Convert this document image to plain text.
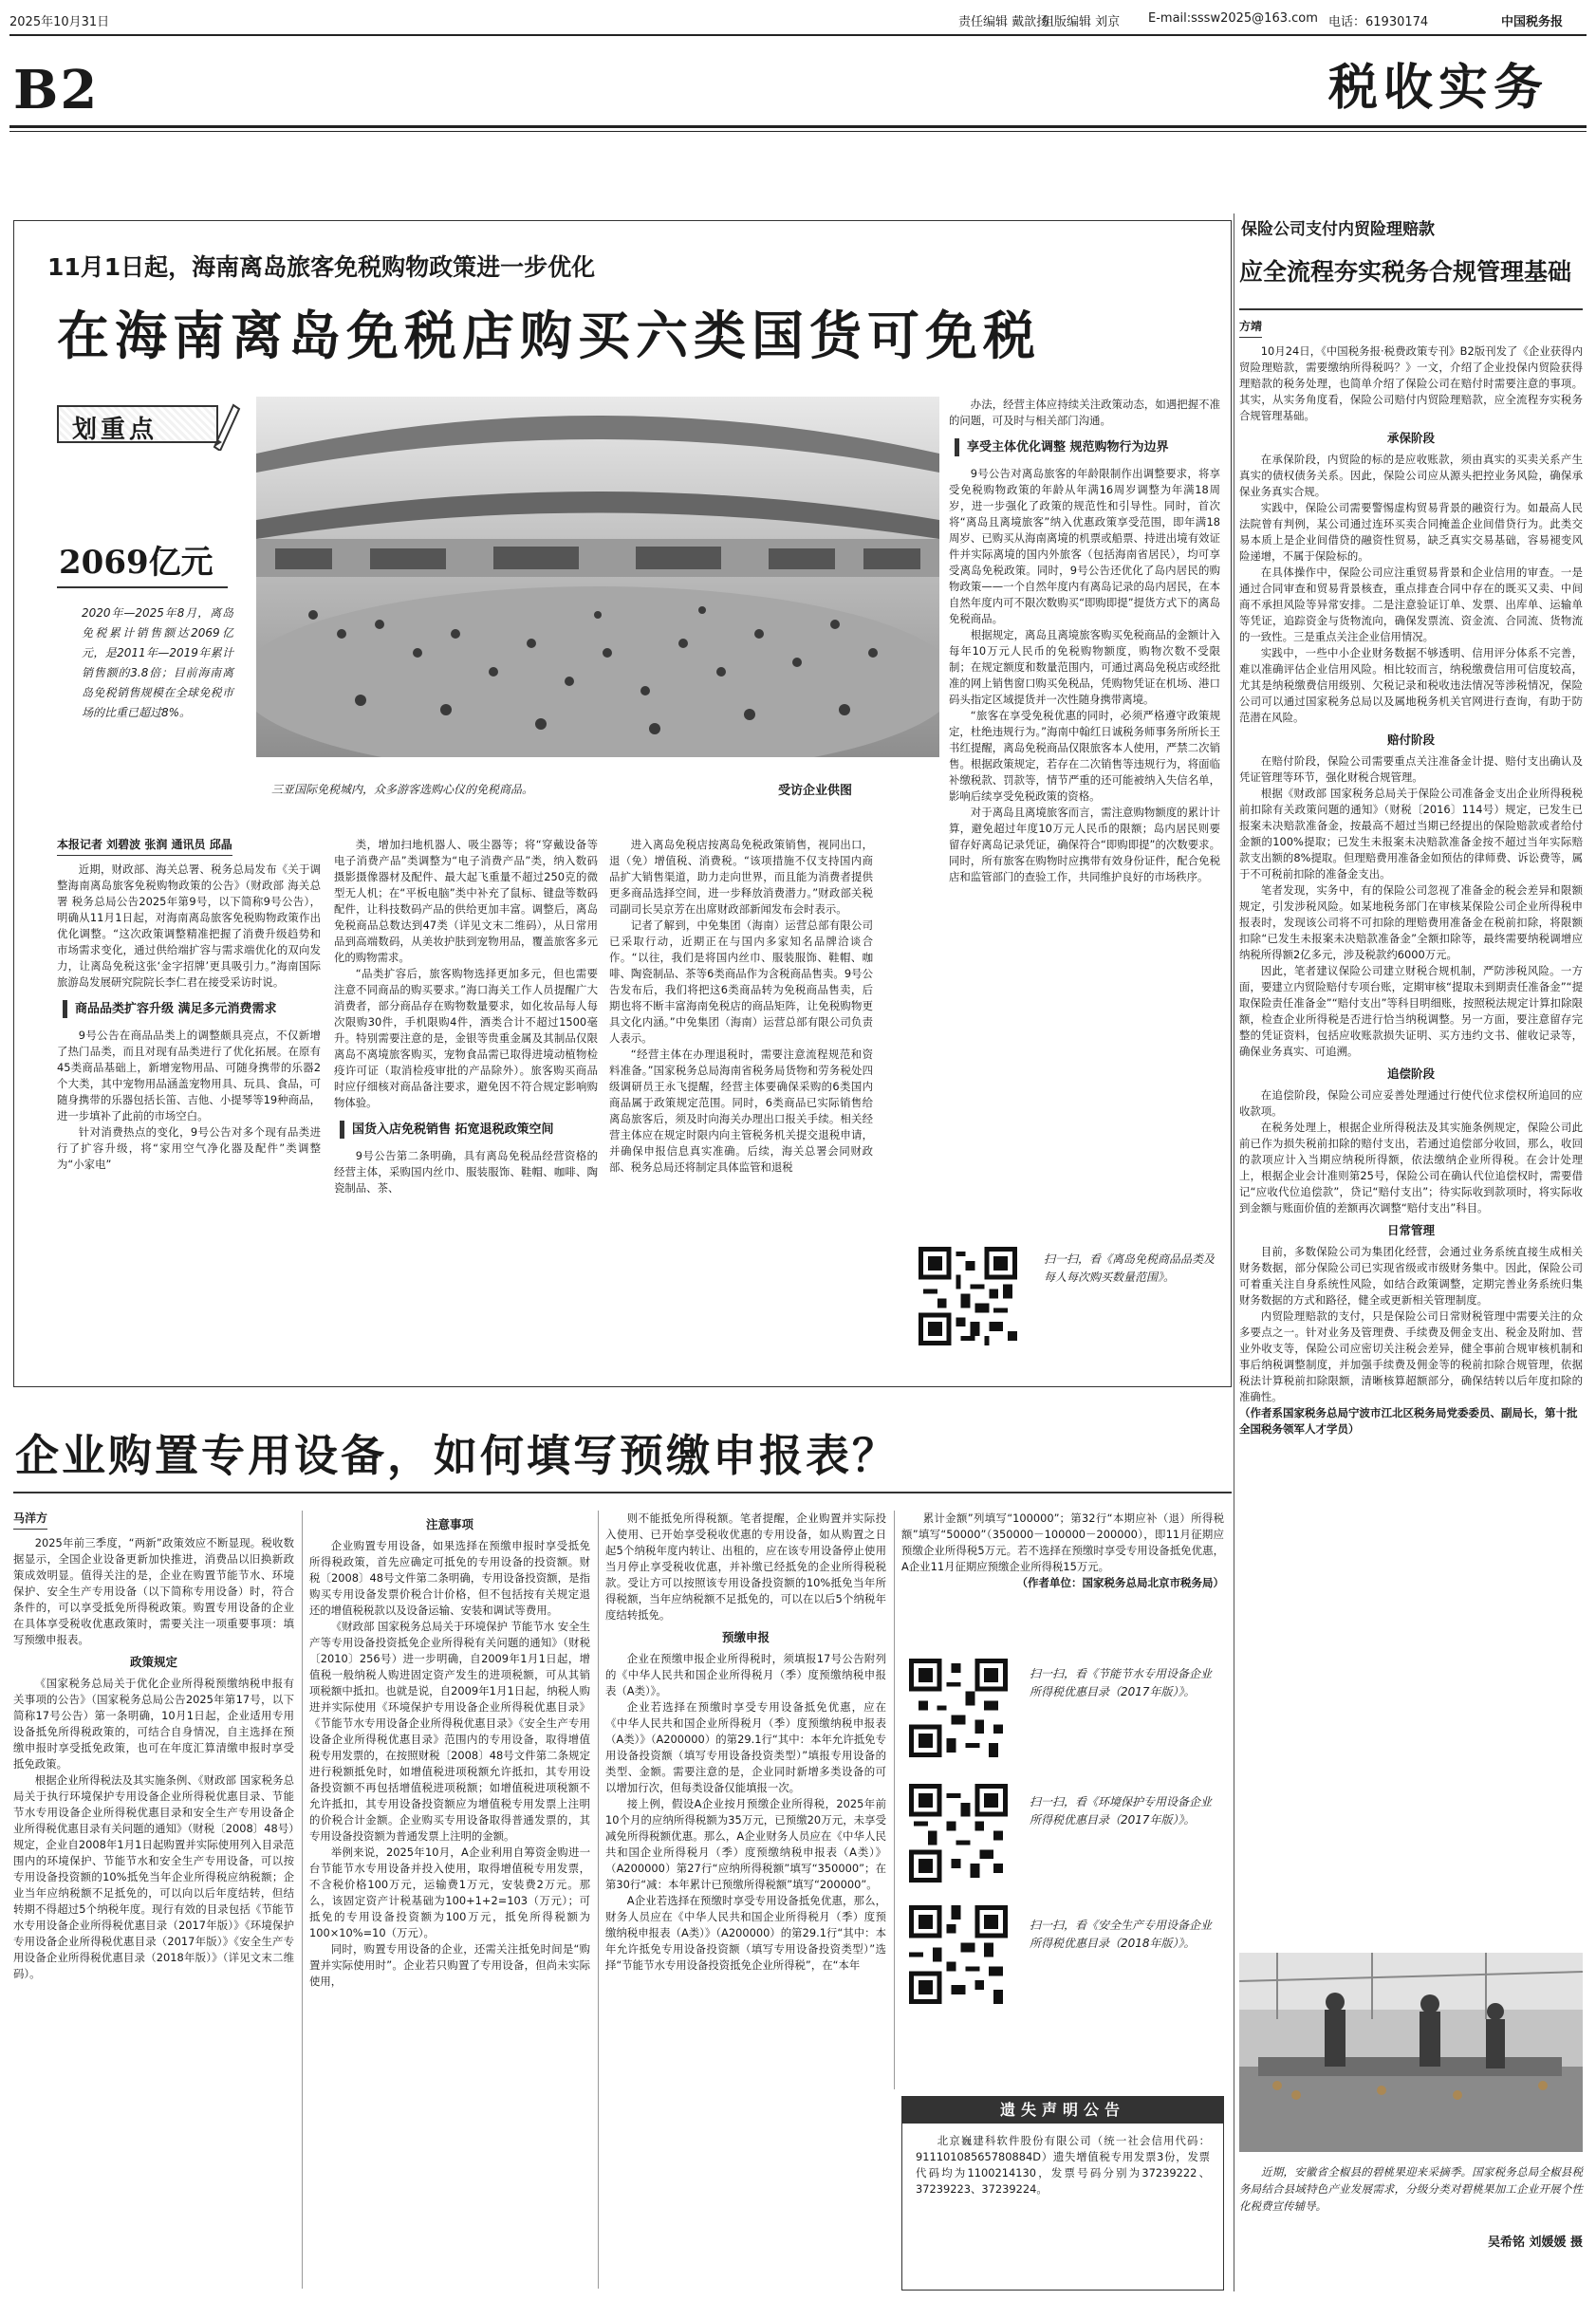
2025年10月31日	责任编辑 戴歆扬
组版编辑 刘京 E-mail:sssw2025@163.com 电话：61930174	中国税务报
B2	税收实务
11月1日起，海南离岛旅客免税购物政策进一步优化
在海南离岛免税店购买六类国货可免税
划重点
2069亿元
2020年—2025年8月，离岛免税累计销售额达2069亿元，是2011年—2019年累计销售额的3.8倍；目前海南离岛免税销售规模在全球免税市场的比重已超过8%。
三亚国际免税城内，众多游客选购心仪的免税商品。	受访企业供图
本报记者 刘碧波 张润 通讯员 邱晶

近期，财政部、海关总署、税务总局发布《关于调整海南离岛旅客免税购物政策的公告》（财政部 海关总署 税务总局公告2025年第9号，以下简称9号公告），明确从11月1日起，对海南离岛旅客免税购物政策作出优化调整。“这次政策调整精准把握了消费升级趋势和市场需求变化，通过供给端扩容与需求端优化的双向发力，让离岛免税这张‘金字招牌’更具吸引力。”海南国际旅游岛发展研究院院长李仁君在接受采访时说。

商品品类扩容升级 满足多元消费需求

9号公告在商品品类上的调整颇具亮点，不仅新增了热门品类，而且对现有品类进行了优化拓展。在原有45类商品基础上，新增宠物用品、可随身携带的乐器2个大类，其中宠物用品涵盖宠物用具、玩具、食品，可随身携带的乐器包括长笛、吉他、小提琴等19种商品，进一步填补了此前的市场空白。

针对消费热点的变化，9号公告对多个现有品类进行了扩容升级，将“家用空气净化器及配件”类调整为“小家电”

类，增加扫地机器人、吸尘器等；将“穿戴设备等电子消费产品”类调整为“电子消费产品”类，纳入数码摄影摄像器材及配件、最大起飞重量不超过250克的微型无人机；在“平板电脑”类中补充了鼠标、键盘等数码配件，让科技数码产品的供给更加丰富。调整后，离岛免税商品总数达到47类（详见文末二维码），从日常用品到高端数码，从美妆护肤到宠物用品，覆盖旅客多元化的购物需求。

“品类扩容后，旅客购物选择更加多元，但也需要注意不同商品的购买要求。”海口海关工作人员提醒广大消费者，部分商品存在购物数量要求，如化妆品每人每次限购30件，手机限购4件，酒类合计不超过1500毫升。特别需要注意的是，金银等贵重金属及其制品仅限离岛不离境旅客购买，宠物食品需已取得进境动植物检疫许可证（取消检疫审批的产品除外）。旅客购买商品时应仔细核对商品备注要求，避免因不符合规定影响购物体验。

国货入店免税销售 拓宽退税政策空间

9号公告第二条明确，具有离岛免税品经营资格的经营主体，采购国内丝巾、服装服饰、鞋帽、咖啡、陶瓷制品、茶、

进入离岛免税店按离岛免税政策销售，视同出口，退（免）增值税、消费税。“该项措施不仅支持国内商品扩大销售渠道，助力走向世界，而且能为消费者提供更多商品选择空间，进一步释放消费潜力。”财政部关税司副司长吴京芳在出席财政部新闻发布会时表示。

记者了解到，中免集团（海南）运营总部有限公司已采取行动，近期正在与国内多家知名品牌洽谈合作。“以往，我们是将国内丝巾、服装服饰、鞋帽、咖啡、陶瓷制品、茶等6类商品作为含税商品售卖。9号公告发布后，我们将把这6类商品转为免税商品售卖，后期也将不断丰富海南免税店的商品矩阵，让免税购物更具文化内涵。”中免集团（海南）运营总部有限公司负责人表示。

“经营主体在办理退税时，需要注意流程规范和资料准备。”国家税务总局海南省税务局货物和劳务税处四级调研员王永飞提醒，经营主体要确保采购的6类国内商品属于政策规定范围。同时，6类商品已实际销售给离岛旅客后，须及时向海关办理出口报关手续。相关经营主体应在规定时限内向主管税务机关提交退税申请，并确保申报信息真实准确。后续，海关总署会同财政部、税务总局还将制定具体监管和退税

办法，经营主体应持续关注政策动态，如遇把握不准的问题，可及时与相关部门沟通。

享受主体优化调整 规范购物行为边界

9号公告对离岛旅客的年龄限制作出调整要求，将享受免税购物政策的年龄从年满16周岁调整为年满18周岁，进一步强化了政策的规范性和引导性。同时，首次将“离岛且离境旅客”纳入优惠政策享受范围，即年满18周岁、已购买从海南离境的机票或船票、持进出境有效证件并实际离境的国内外旅客（包括海南省居民），均可享受离岛免税政策。同时，9号公告还优化了岛内居民的购物政策——一个自然年度内有离岛记录的岛内居民，在本自然年度内可不限次数购买“即购即提”提货方式下的离岛免税商品。

根据规定，离岛且离境旅客购买免税商品的金额计入每年10万元人民币的免税购物额度，购物次数不受限制；在规定额度和数量范围内，可通过离岛免税店或经批准的网上销售窗口购买免税品，凭购物凭证在机场、港口码头指定区域提货并一次性随身携带离境。

“旅客在享受免税优惠的同时，必须严格遵守政策规定，杜绝违规行为。”海南中翰红日诚税务师事务所所长王书红提醒，离岛免税商品仅限旅客本人使用，严禁二次销售。根据政策规定，若存在二次销售等违规行为，将面临补缴税款、罚款等，情节严重的还可能被纳入失信名单，影响后续享受免税政策的资格。

对于离岛且离境旅客而言，需注意购物额度的累计计算，避免超过年度10万元人民币的限额；岛内居民则要留存好离岛记录凭证，确保符合“即购即提”的次数要求。同时，所有旅客在购物时应携带有效身份证件，配合免税店和监管部门的查验工作，共同维护良好的市场秩序。

扫一扫，看《离岛免税商品品类及每人每次购买数量范围》。
企业购置专用设备，如何填写预缴申报表？
马洋方

2025年前三季度，“两新”政策效应不断显现。税收数据显示，全国企业设备更新加快推进，消费品以旧换新政策成效明显。值得关注的是，企业在购置节能节水、环境保护、安全生产专用设备（以下简称专用设备）时，符合条件的，可以享受抵免所得税政策。购置专用设备的企业在具体享受税收优惠政策时，需要关注一项重要事项：填写预缴申报表。

政策规定

《国家税务总局关于优化企业所得税预缴纳税申报有关事项的公告》（国家税务总局公告2025年第17号，以下简称17号公告）第一条明确，10月1日起，企业适用专用设备抵免所得税政策的，可结合自身情况，自主选择在预缴申报时享受抵免政策，也可在年度汇算清缴申报时享受抵免政策。

根据企业所得税法及其实施条例、《财政部 国家税务总局关于执行环境保护专用设备企业所得税优惠目录、节能节水专用设备企业所得税优惠目录和安全生产专用设备企业所得税优惠目录有关问题的通知》（财税〔2008〕48号）规定，企业自2008年1月1日起购置并实际使用列入目录范围内的环境保护、节能节水和安全生产专用设备，可以按专用设备投资额的10%抵免当年企业所得税应纳税额；企业当年应纳税额不足抵免的，可以向以后年度结转，但结转期不得超过5个纳税年度。现行有效的目录包括《节能节水专用设备企业所得税优惠目录（2017年版）》《环境保护专用设备企业所得税优惠目录（2017年版）》《安全生产专用设备企业所得税优惠目录（2018年版）》（详见文末二维码）。

注意事项

企业购置专用设备，如果选择在预缴申报时享受抵免所得税政策，首先应确定可抵免的专用设备的投资额。财税〔2008〕48号文件第二条明确，专用设备投资额，是指购买专用设备发票价税合计价格，但不包括按有关规定退还的增值税税款以及设备运输、安装和调试等费用。

《财政部 国家税务总局关于环境保护 节能节水 安全生产等专用设备投资抵免企业所得税有关问题的通知》（财税〔2010〕256号）进一步明确，自2009年1月1日起，增值税一般纳税人购进固定资产发生的进项税额，可从其销项税额中抵扣。也就是说，自2009年1月1日起，纳税人购进并实际使用《环境保护专用设备企业所得税优惠目录》《节能节水专用设备企业所得税优惠目录》《安全生产专用设备企业所得税优惠目录》范围内的专用设备，取得增值税专用发票的，在按照财税〔2008〕48号文件第二条规定进行税额抵免时，如增值税进项税额允许抵扣，其专用设备投资额不再包括增值税进项税额；如增值税进项税额不允许抵扣，其专用设备投资额应为增值税专用发票上注明的价税合计金额。企业购买专用设备取得普通发票的，其专用设备投资额为普通发票上注明的金额。

举例来说，2025年10月，A企业利用自筹资金购进一台节能节水专用设备并投入使用，取得增值税专用发票，不含税价格100万元，运输费1万元，安装费2万元。那么，该固定资产计税基础为100+1+2=103（万元）；可抵免的专用设备投资额为100万元，抵免所得税额为100×10%=10（万元）。

同时，购置专用设备的企业，还需关注抵免时间是“购置并实际使用时”。企业若只购置了专用设备，但尚未实际使用，

则不能抵免所得税额。笔者提醒，企业购置并实际投入使用、已开始享受税收优惠的专用设备，如从购置之日起5个纳税年度内转让、出租的，应在该专用设备停止使用当月停止享受税收优惠，并补缴已经抵免的企业所得税税款。受让方可以按照该专用设备投资额的10%抵免当年所得税额，当年应纳税额不足抵免的，可以在以后5个纳税年度结转抵免。

预缴申报

企业在预缴申报企业所得税时，须填报17号公告附列的《中华人民共和国企业所得税月（季）度预缴纳税申报表（A类）》。

企业若选择在预缴时享受专用设备抵免优惠，应在《中华人民共和国企业所得税月（季）度预缴纳税申报表（A类）》（A200000）的第29.1行“其中：本年允许抵免专用设备投资额（填写专用设备投资类型）”填报专用设备的类型、金额。需要注意的是，企业同时新增多类设备的可以增加行次，但每类设备仅能填报一次。

接上例，假设A企业按月预缴企业所得税，2025年前10个月的应纳所得税额为35万元，已预缴20万元，未享受减免所得税额优惠。那么，A企业财务人员应在《中华人民共和国企业所得税月（季）度预缴纳税申报表（A类）》（A200000）第27行“应纳所得税额”填写“350000”；在第30行“减：本年累计已预缴所得税额”填写“200000”。

A企业若选择在预缴时享受专用设备抵免优惠，那么，财务人员应在《中华人民共和国企业所得税月（季）度预缴纳税申报表（A类）》（A200000）的第29.1行“其中：本年允许抵免专用设备投资额（填写专用设备投资类型）”选择“节能节水专用设备投资抵免企业所得税”，在“本年

累计金额”列填写“100000”；第32行“本期应补（退）所得税额”填写“50000”（350000－100000－200000），即11月征期应预缴企业所得税5万元。若不选择在预缴时享受专用设备抵免优惠，A企业11月征期应预缴企业所得税15万元。

（作者单位：国家税务总局北京市税务局）
扫一扫，看《节能节水专用设备企业所得税优惠目录（2017年版）》。
扫一扫，看《环境保护专用设备企业所得税优惠目录（2017年版）》。
扫一扫，看《安全生产专用设备企业所得税优惠目录（2018年版）》。
遗失声明公告
北京巍建科软件股份有限公司（统一社会信用代码：91110108565780884D）遗失增值税专用发票3份，发票代码均为1100214130，发票号码分别为37239222、37239223、37239224。
保险公司支付内贸险理赔款
应全流程夯实税务合规管理基础
方靖

10月24日，《中国税务报·税费政策专刊》B2版刊发了《企业获得内贸险理赔款，需要缴纳所得税吗？》一文，介绍了企业投保内贸险获得理赔款的税务处理，也简单介绍了保险公司在赔付时需要注意的事项。其实，从实务角度看，保险公司赔付内贸险理赔款，应全流程夯实税务合规管理基础。

承保阶段

在承保阶段，内贸险的标的是应收账款，须由真实的买卖关系产生真实的债权债务关系。因此，保险公司应从源头把控业务风险，确保承保业务真实合规。

实践中，保险公司需要警惕虚构贸易背景的融资行为。如最高人民法院曾有判例，某公司通过连环买卖合同掩盖企业间借贷行为。此类交易本质上是企业间借贷的融资性贸易，缺乏真实交易基础，容易褪变风险递增，不属于保险标的。

在具体操作中，保险公司应注重贸易背景和企业信用的审查。一是通过合同审查和贸易背景核查，重点排查合同中存在的既买又卖、中间商不承担风险等异常安排。二是注意验证订单、发票、出库单、运输单等凭证，追踪资金与货物流向，确保发票流、资金流、合同流、货物流的一致性。三是重点关注企业信用情况。

实践中，一些中小企业财务数据不够透明、信用评分体系不完善，难以准确评估企业信用风险。相比较而言，纳税缴费信用可信度较高，尤其是纳税缴费信用级别、欠税记录和税收违法情况等涉税情况，保险公司可以通过国家税务总局以及属地税务机关官网进行查询，有助于防范潜在风险。

赔付阶段

在赔付阶段，保险公司需要重点关注准备金计提、赔付支出确认及凭证管理等环节，强化财税合规管理。

根据《财政部 国家税务总局关于保险公司准备金支出企业所得税税前扣除有关政策问题的通知》（财税〔2016〕114号）规定，已发生已报案未决赔款准备金，按最高不超过当期已经提出的保险赔款或者给付金额的100%提取；已发生未报案未决赔款准备金按不超过当年实际赔款支出额的8%提取。但理赔费用准备金如预估的律师费、诉讼费等，属于不可税前扣除的准备金支出。

笔者发现，实务中，有的保险公司忽视了准备金的税会差异和限额规定，引发涉税风险。如某地税务部门在审核某保险公司企业所得税申报表时，发现该公司将不可扣除的理赔费用准备金在税前扣除，将限额扣除“已发生未报案未决赔款准备金”全额扣除等，最终需要纳税调增应纳税所得额2亿多元，涉及税款约6000万元。

因此，笔者建议保险公司建立财税合规机制，严防涉税风险。一方面，要建立内贸险赔付专项台账，定期审核“提取未到期责任准备金”“提取保险责任准备金”“赔付支出”等科目明细账，按照税法规定计算扣除限额，检查企业所得税是否进行恰当纳税调整。另一方面，要注意留存完整的凭证资料，包括应收账款损失证明、买方违约文书、催收记录等，确保业务真实、可追溯。

追偿阶段

在追偿阶段，保险公司应妥善处理通过行使代位求偿权所追回的应收款项。

在税务处理上，根据企业所得税法及其实施条例规定，保险公司此前已作为损失税前扣除的赔付支出，若通过追偿部分收回，那么，收回的款项应计入当期应纳税所得额，依法缴纳企业所得税。在会计处理上，根据企业会计准则第25号，保险公司在确认代位追偿权时，需要借记“应收代位追偿款”，贷记“赔付支出”；待实际收到款项时，将实际收到金额与账面价值的差额再次调整“赔付支出”科目。

日常管理

目前，多数保险公司为集团化经营，会通过业务系统直接生成相关财务数据，部分保险公司已实现省级或市级财务集中。因此，保险公司可着重关注自身系统性风险，如结合政策调整，定期完善业务系统归集财务数据的方式和路径，健全或更新相关管理制度。

内贸险理赔款的支付，只是保险公司日常财税管理中需要关注的众多要点之一。针对业务及管理费、手续费及佣金支出、税金及附加、营业外收支等，保险公司应密切关注税会差异，健全事前合规审核机制和事后纳税调整制度，并加强手续费及佣金等的税前扣除合规管理，依据税法计算税前扣除限额，清晰核算超额部分，确保结转以后年度扣除的准确性。

（作者系国家税务总局宁波市江北区税务局党委委员、副局长，第十批全国税务领军人才学员）
近期，安徽省全椒县的碧桃果迎来采摘季。国家税务总局全椒县税务局结合县域特色产业发展需求，分级分类对碧桃果加工企业开展个性化税费宣传辅导。
吴希铭 刘媛媛 摄
